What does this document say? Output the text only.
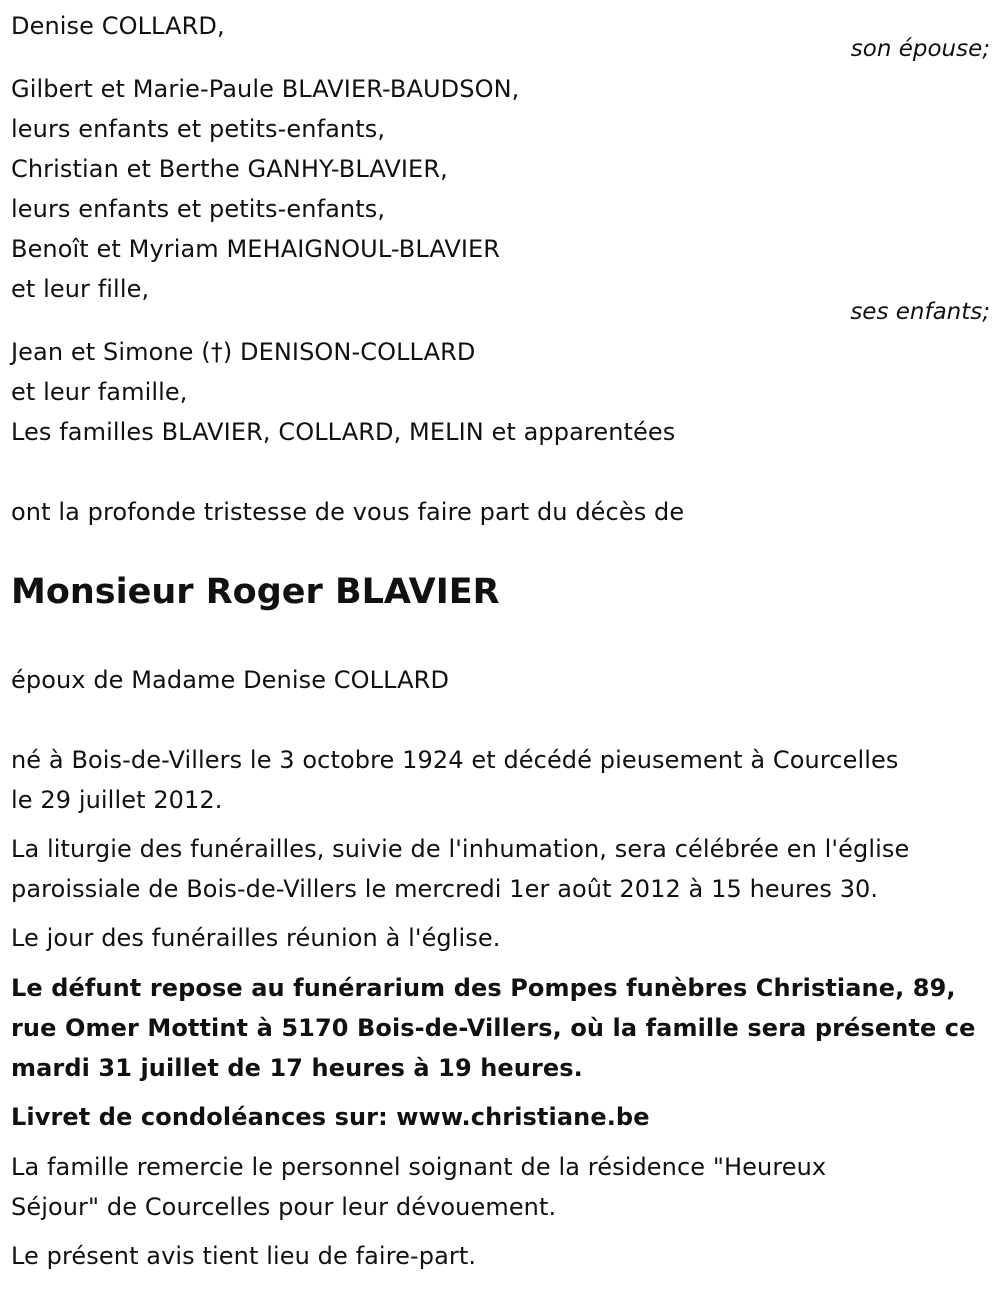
Denise COLLARD,
son épouse;
Gilbert et Marie-Paule BLAVIER-BAUDSON,
leurs enfants et petits-enfants,
Christian et Berthe GANHY-BLAVIER,
leurs enfants et petits-enfants,
Benoît et Myriam MEHAIGNOUL-BLAVIER
et leur fille,
ses enfants;
Jean et Simone (†) DENISON-COLLARD
et leur famille,
Les familles BLAVIER, COLLARD, MELIN et apparentées
ont la profonde tristesse de vous faire part du décès de
Monsieur Roger BLAVIER
époux de Madame Denise COLLARD
né à Bois-de-Villers le 3 octobre 1924 et décédé pieusement à Courcelles
le 29 juillet 2012.
La liturgie des funérailles, suivie de l'inhumation, sera célébrée en l'église
paroissiale de Bois-de-Villers le mercredi 1er août 2012 à 15 heures 30.
Le jour des funérailles réunion à l'église.
Le défunt repose au funérarium des Pompes funèbres Christiane, 89,
rue Omer Mottint à 5170 Bois-de-Villers, où la famille sera présente ce
mardi 31 juillet de 17 heures à 19 heures.
Livret de condoléances sur: www.christiane.be
La famille remercie le personnel soignant de la résidence "Heureux
Séjour" de Courcelles pour leur dévouement.
Le présent avis tient lieu de faire-part.
